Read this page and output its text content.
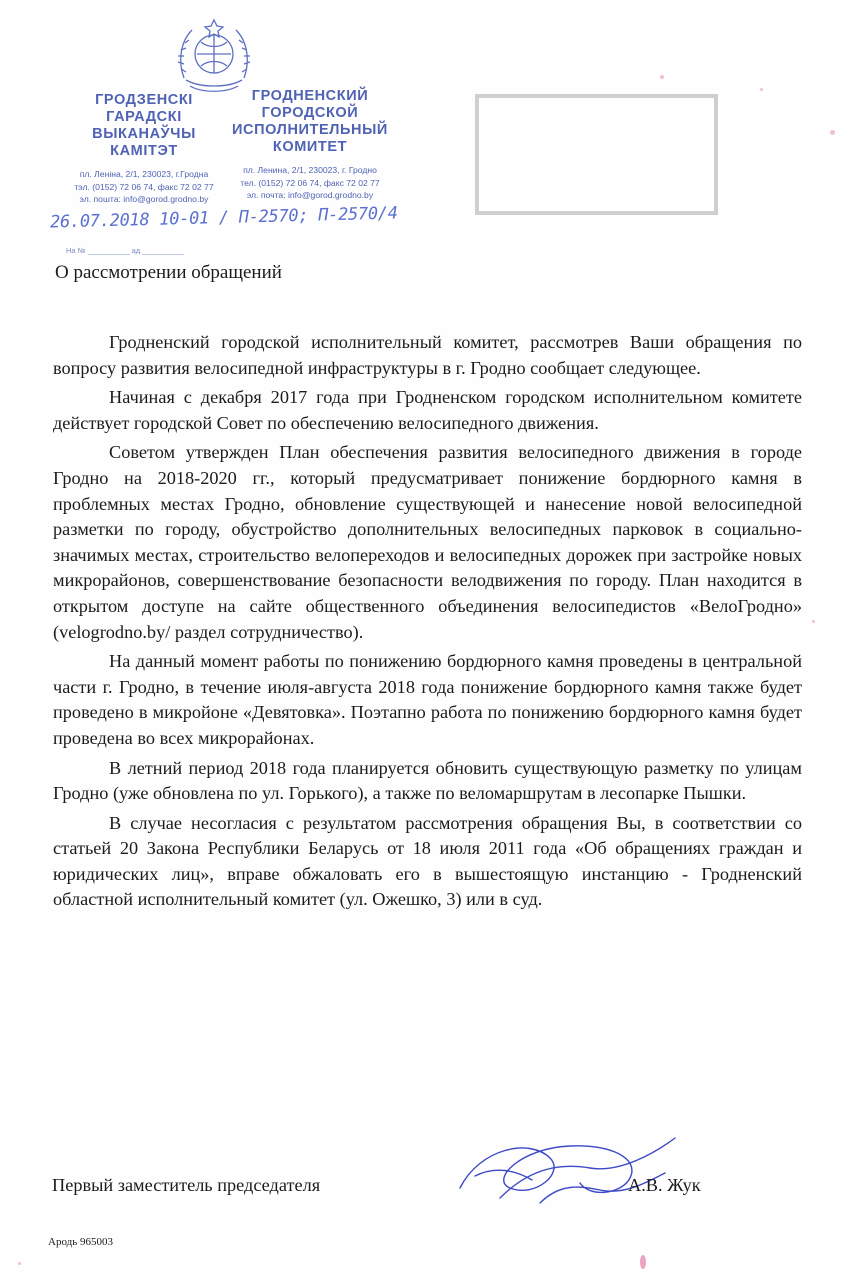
ГРОДЗЕНСКІ
ГАРАДСКІ
ВЫКАНАЎЧЫ
КАМІТЭТ
пл. Леніна, 2/1, 230023, г.Гродна
тэл. (0152) 72 06 74, факс 72 02 77
эл. пошта: info@gorod.grodno.by
ГРОДНЕНСКИЙ
ГОРОДСКОЙ
ИСПОЛНИТЕЛЬНЫЙ
КОМИТЕТ
пл. Ленина, 2/1, 230023, г. Гродно
тел. (0152) 72 06 74, факс 72 02 77
эл. почта: info@gorod.grodno.by
26.07.2018 10-01 / П-2570; П-2570/4
На № __________ ад __________
О рассмотрении обращений

Гродненский городской исполнительный комитет, рассмотрев Ваши обращения по вопросу развития велосипедной инфраструктуры в г. Гродно сообщает следующее.

Начиная с декабря 2017 года при Гродненском городском исполнительном комитете действует городской Совет по обеспечению велосипедного движения.

Советом утвержден План обеспечения развития велосипедного движения в городе Гродно на 2018-2020 гг., который предусматривает понижение бордюрного камня в проблемных местах Гродно, обновление существующей и нанесение новой велосипедной разметки по городу, обустройство дополнительных велосипедных парковок в социально-значимых местах, строительство велопереходов и велосипедных дорожек при застройке новых микрорайонов, совершенствование безопасности велодвижения по городу. План находится в открытом доступе на сайте общественного объединения велосипедистов «ВелоГродно» (velogrodno.by/ раздел сотрудничество).

На данный момент работы по понижению бордюрного камня проведены в центральной части г. Гродно, в течение июля-августа 2018 года понижение бордюрного камня также будет проведено в микройоне «Девятовка». Поэтапно работа по понижению бордюрного камня будет проведена во всех микрорайонах.

В летний период 2018 года планируется обновить существующую разметку по улицам Гродно (уже обновлена по ул. Горького), а также по веломаршрутам в лесопарке Пышки.

В случае несогласия с результатом рассмотрения обращения Вы, в соответствии со статьей 20 Закона Республики Беларусь от 18 июля 2011 года «Об обращениях граждан и юридических лиц», вправе обжаловать его в вышестоящую инстанцию - Гродненский областной исполнительный комитет (ул. Ожешко, 3) или в суд.

Первый заместитель председателя	А.В. Жук
Ародь 965003
